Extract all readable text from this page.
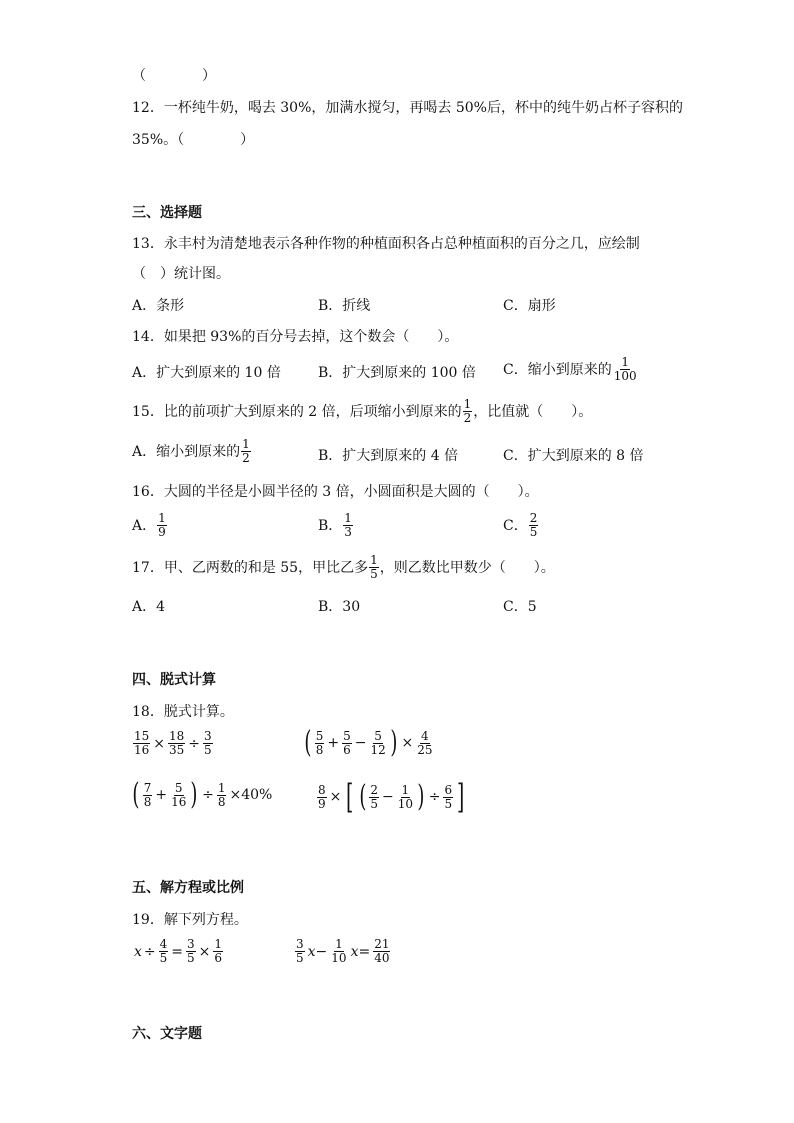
（　　　　）
12．一杯纯牛奶，喝去 30%，加满水搅匀，再喝去 50%后，杯中的纯牛奶占杯子容积的
35%。（　　　　）
三、选择题
13．永丰村为清楚地表示各种作物的种植面积各占总种植面积的百分之几，应绘制
（　）统计图。
A．条形	B．折线	C．扇形
14．如果把 93%的百分号去掉，这个数会（　　）。
A．扩大到原来的 10 倍	B．扩大到原来的 100 倍 C．缩小到原来的 $\frac{1}{100}$
15．比的前项扩大到原来的 2 倍，后项缩小到原来的 $\frac{1}{2}$ ，比值就（　　）。
A．缩小到原来的 $\frac{1}{2}$	B．扩大到原来的 4 倍	C．扩大到原来的 8 倍
16．大圆的半径是小圆半径的 3 倍，小圆面积是大圆的（　　）。
A． $\frac{1}{9}$	B． $\frac{1}{3}$	C． $\frac{2}{5}$
17．甲、乙两数的和是 55，甲比乙多 $\frac{1}{5}$ ，则乙数比甲数少（　　）。
A．4	B．30	C．5
四、脱式计算
18．脱式计算。
$\frac{15}{16} \times \frac{18}{35} \div \frac{3}{5}$	( $\frac{5}{8} + \frac{5}{6} - \frac{5}{12}$ ) × $\frac{4}{25}$
( $\frac{7}{8} + \frac{5}{16}$ ) ÷ $\frac{1}{8} \times 40\%$	$\frac{8}{9}$ × [ ( $\frac{2}{5} - \frac{1}{10}$ ) ÷ $\frac{6}{5}$ ]
五、解方程或比例
19．解下列方程。
$x \div \frac{4}{5} = \frac{3}{5} \times \frac{1}{6}$	$\frac{3}{5} x- \frac{1}{10} x= \frac{21}{40}$
六、文字题
